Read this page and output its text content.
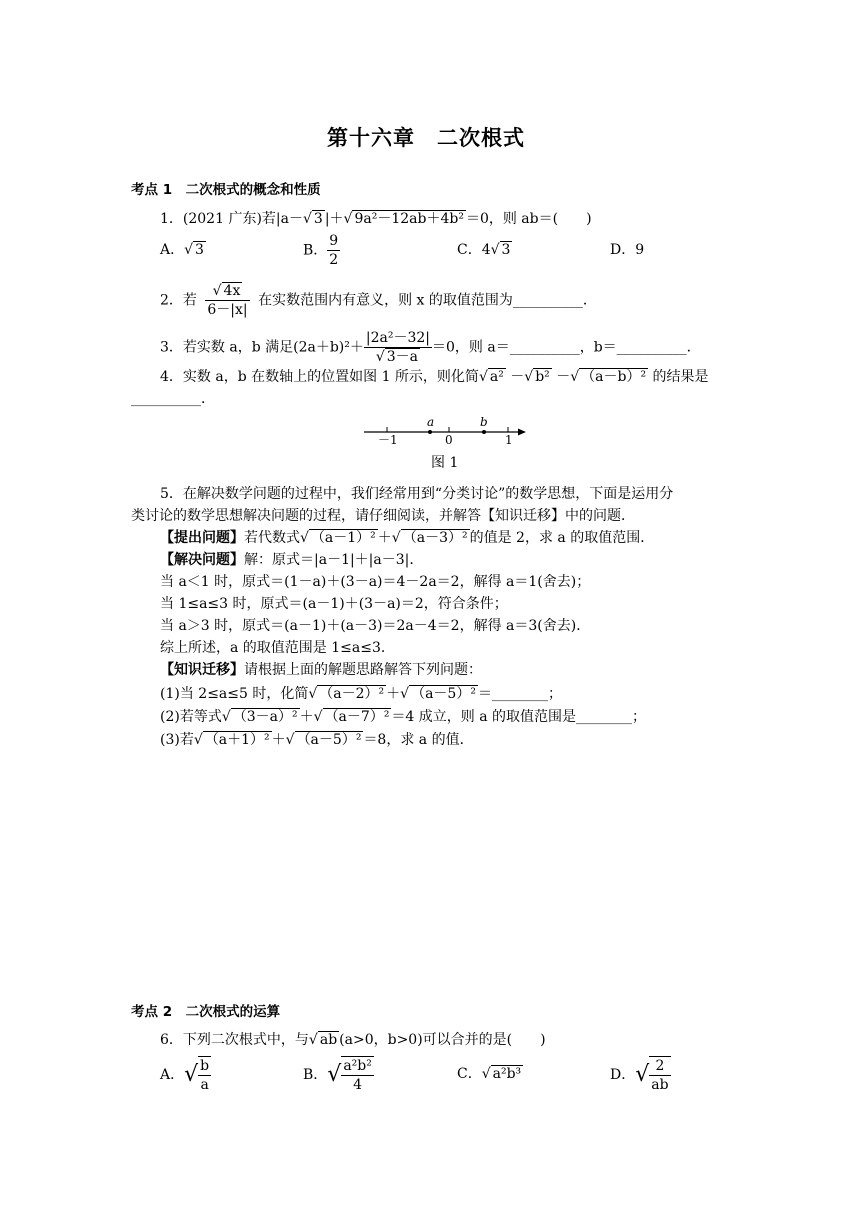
第十六章　二次根式
考点 1　二次根式的概念和性质
1．(2021 广东)若|a－√ 3 |＋√ 9a²－12ab＋4b² ＝0，则 ab＝(　　)
A．√ 3	B． $\frac{9}{2}$	C．4√ 3	D．9
2．若 $\frac{√ 4x}{6-|x|}$ 在实数范围内有意义，则 x 的取值范围为__________．
3．若实数 a，b 满足$(2a+b)^2+ \frac{\text{|2a²－32|}}{√ 3-a} =0$，则 a＝__________，b＝__________．
4．实数 a，b 在数轴上的位置如图 1 所示，则化简√ a² －√ b² －√ （a－b）² 的结果是
__________．
a	b
－1	0	1
图 1
5．在解决数学问题的过程中，我们经常用到“分类讨论”的数学思想，下面是运用分
类讨论的数学思想解决问题的过程，请仔细阅读，并解答【知识迁移】中的问题．
【提出问题】若代数式√ （a－1）² ＋√ （a－3）² 的值是 2，求 a 的取值范围．
【解决问题】解：原式＝|a－1|＋|a－3|．
当 a＜1 时，原式＝(1－a)＋(3－a)＝4－2a＝2，解得 a＝1(舍去)；
当 1≤a≤3 时，原式＝(a－1)＋(3－a)＝2，符合条件；
当 a＞3 时，原式＝(a－1)＋(a－3)＝2a－4＝2，解得 a＝3(舍去)．
综上所述，a 的取值范围是 1≤a≤3．
【知识迁移】请根据上面的解题思路解答下列问题：
(1)当 2≤a≤5 时，化简√ （a－2）² ＋√ （a－5）² ＝________；
(2)若等式√ （3－a）² ＋√ （a－7）² ＝4 成立，则 a 的取值范围是________；
(3)若√ （a＋1）² ＋√ （a－5）² ＝8，求 a 的值．
考点 2　二次根式的运算
6．下列二次根式中，与√ ab (a>0，b>0)可以合并的是(　　)
A．√ $\frac{b}{a}$	B．√ $\frac{\text{a²b²}}{4}$	C．√ a²b³	D．√ $\frac{2}{ab}$
